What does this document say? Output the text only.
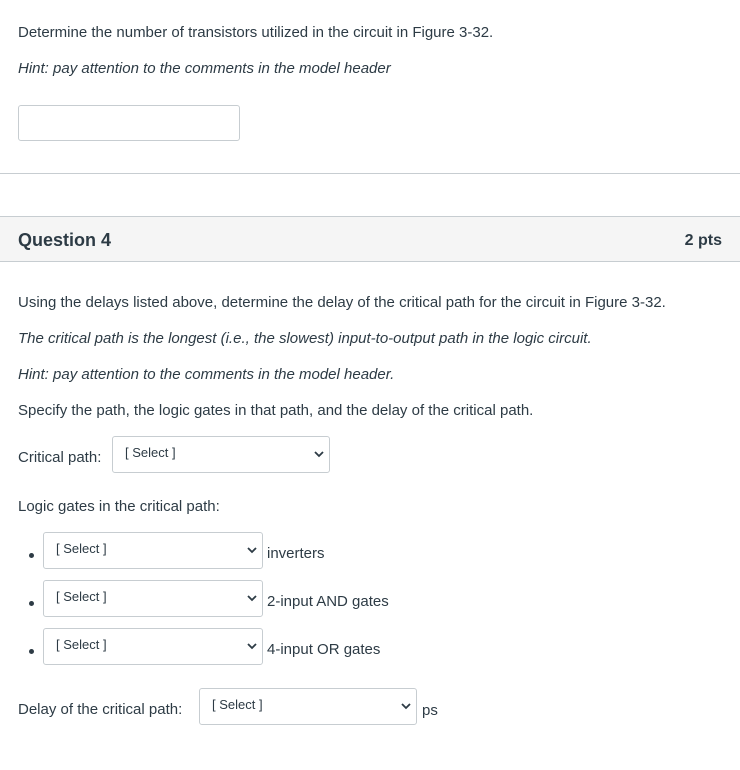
Determine the number of transistors utilized in the circuit in Figure 3-32.
Hint: pay attention to the comments in the model header
Question 4	2 pts
Using the delays listed above, determine the delay of the critical path for the circuit in Figure 3-32.
The critical path is the longest (i.e., the slowest) input-to-output path in the logic circuit.
Hint: pay attention to the comments in the model header.
Specify the path, the logic gates in that path, and the delay of the critical path.
Critical path: [ Select ]
Logic gates in the critical path:
[ Select ]	inverters
[ Select ]	2-input AND gates
[ Select ]	4-input OR gates
Delay of the critical path: [ Select ]	ps
